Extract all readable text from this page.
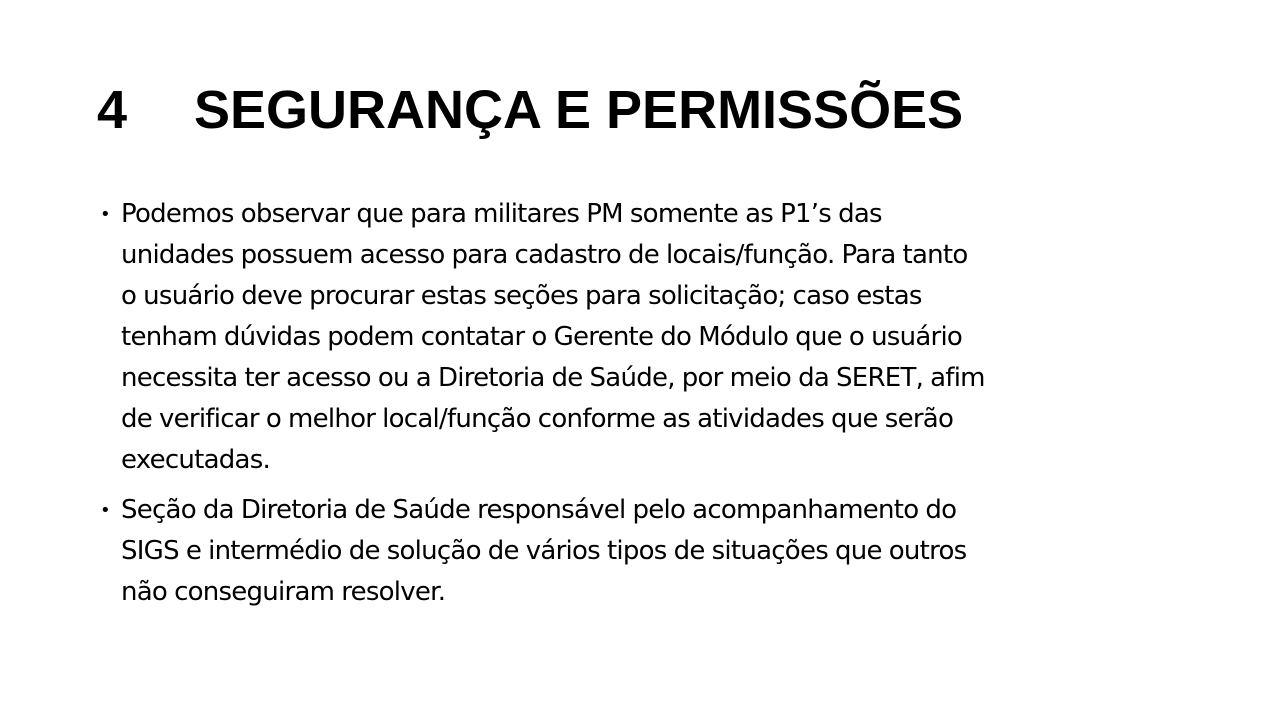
4 SEGURANÇA E PERMISSÕES
• Podemos observar que para militares PM somente as P1’s das
unidades possuem acesso para cadastro de locais/função. Para tanto
o usuário deve procurar estas seções para solicitação; caso estas
tenham dúvidas podem contatar o Gerente do Módulo que o usuário
necessita ter acesso ou a Diretoria de Saúde, por meio da SERET, afim
de verificar o melhor local/função conforme as atividades que serão
executadas.
• Seção da Diretoria de Saúde responsável pelo acompanhamento do
SIGS e intermédio de solução de vários tipos de situações que outros
não conseguiram resolver.
